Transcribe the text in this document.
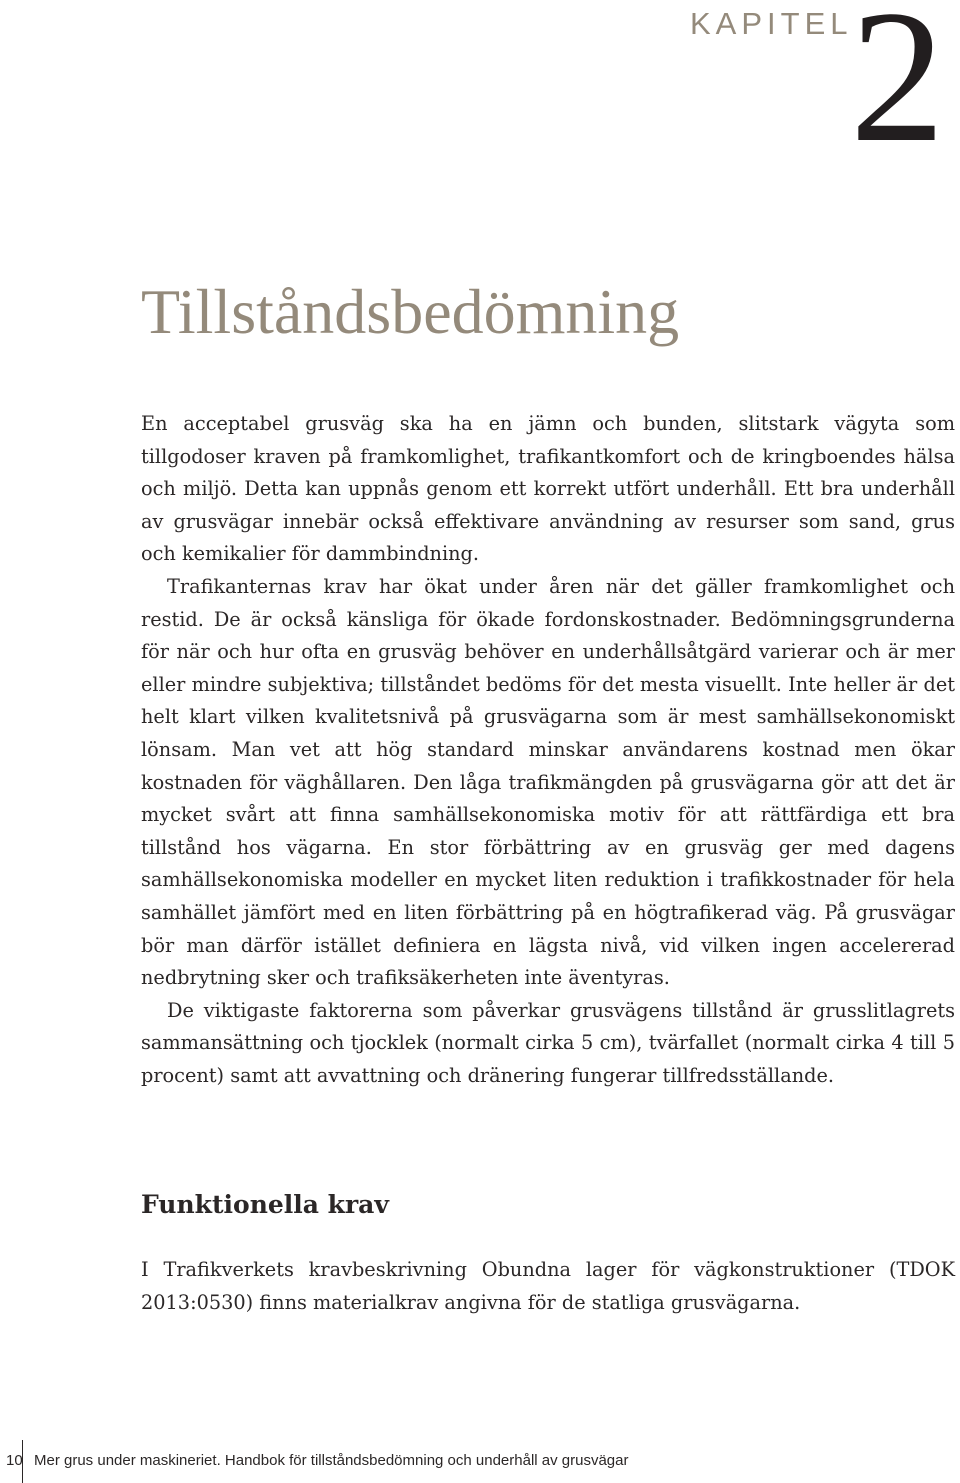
KAPITEL
2
Tillståndsbedömning

En acceptabel grusväg ska ha en jämn och bunden, slitstark vägyta som tillgodoser kraven på framkomlighet, trafikantkomfort och de kringboendes hälsa och miljö. Detta kan uppnås genom ett korrekt utfört underhåll. Ett bra underhåll av grusvägar innebär också effektivare användning av resurser som sand, grus och kemikalier för dammbindning.

Trafikanternas krav har ökat under åren när det gäller framkomlighet och restid. De är också känsliga för ökade fordonskostnader. Bedömningsgrunderna för när och hur ofta en grusväg behöver en underhållsåtgärd varierar och är mer eller mindre subjektiva; tillståndet bedöms för det mesta visuellt. Inte heller är det helt klart vilken kvalitetsnivå på grusvägarna som är mest samhällsekonomiskt lönsam. Man vet att hög standard minskar användarens kostnad men ökar kostnaden för väghållaren. Den låga trafikmängden på grusvägarna gör att det är mycket svårt att finna samhällsekonomiska motiv för att rättfärdiga ett bra tillstånd hos vägarna. En stor förbättring av en grusväg ger med dagens samhällsekonomiska modeller en mycket liten reduktion i trafikkostnader för hela samhället jämfört med en liten förbättring på en högtrafikerad väg. På grusvägar bör man därför istället definiera en lägsta nivå, vid vilken ingen accelererad nedbrytning sker och trafiksäkerheten inte äventyras.

De viktigaste faktorerna som påverkar grusvägens tillstånd är grusslitlagrets sammansättning och tjocklek (normalt cirka 5 cm), tvärfallet (normalt cirka 4 till 5 procent) samt att avvattning och dränering fungerar tillfredsställande.

Funktionella krav

I Trafikverkets kravbeskrivning Obundna lager för vägkonstruktioner (TDOK 2013:0530) finns materialkrav angivna för de statliga grusvägarna.

10 Mer grus under maskineriet. Handbok för tillståndsbedömning och underhåll av grusvägar
